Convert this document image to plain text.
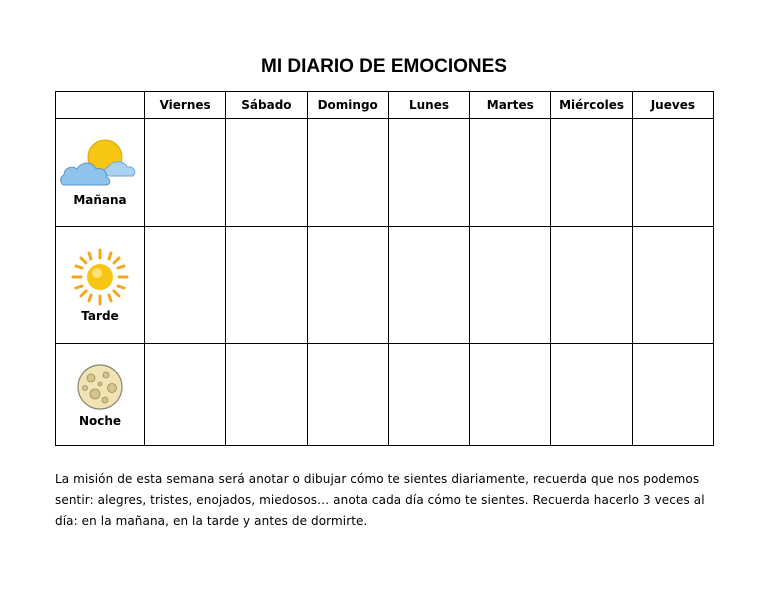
MI DIARIO DE EMOCIONES
	Viernes	Sábado	Domingo	Lunes	Martes	Miércoles	Jueves

Mañana							

Tarde							

Noche							

La misión de esta semana será anotar o dibujar cómo te sientes diariamente, recuerda que nos podemos sentir: alegres, tristes, enojados, miedosos… anota cada día cómo te sientes. Recuerda hacerlo 3 veces al día: en la mañana, en la tarde y antes de dormirte.
